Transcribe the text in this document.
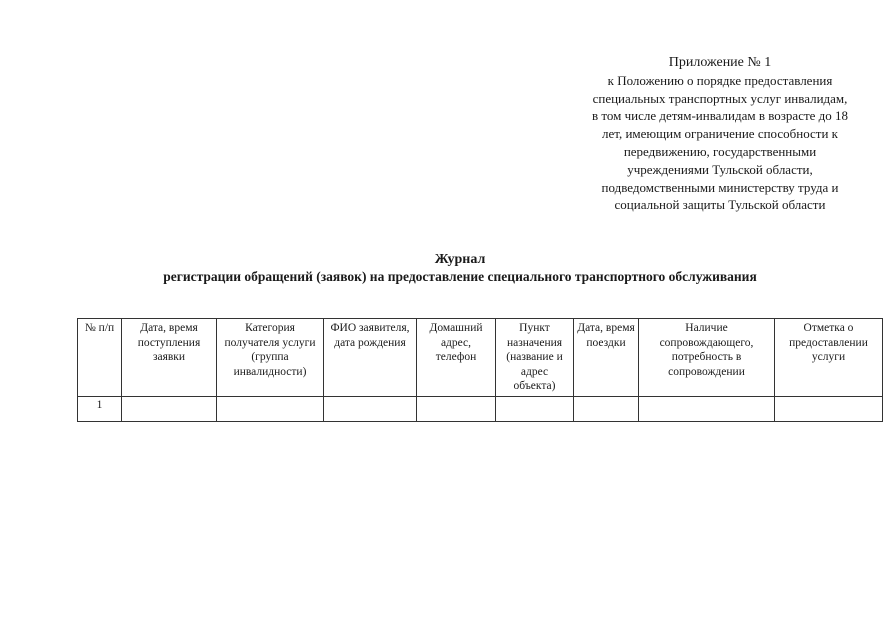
Приложение № 1
к Положению о порядке предоставления
специальных транспортных услуг инвалидам,
в том числе детям-инвалидам в возрасте до 18
лет, имеющим ограничение способности к
передвижению, государственными
учреждениями Тульской области,
подведомственными министерству труда и
социальной защиты Тульской области
Журнал
регистрации обращений (заявок) на предоставление специального транспортного обслуживания
№ п/п	Дата, время поступления заявки	Категория получателя услуги (группа инвалидности)	ФИО заявителя, дата рождения	Домашний адрес, телефон	Пункт назначения (название и адрес объекта)	Дата, время поездки	Наличие сопровождающего, потребность в сопровождении	Отметка о предоставлении услуги
1								
